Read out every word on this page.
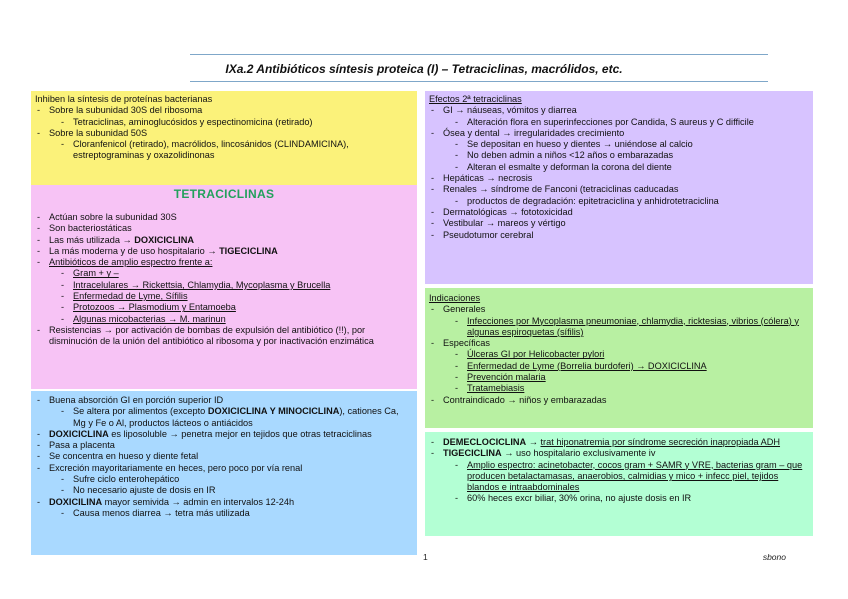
IXa.2 Antibióticos síntesis proteica (I) – Tetraciclinas, macrólidos, etc.
Inhiben la síntesis de proteínas bacterianas
- Sobre la subunidad 30S del ribosoma
- Tetraciclinas, aminoglucósidos y espectinomicina (retirado)
- Sobre la subunidad 50S
- Cloranfenicol (retirado), macrólidos, lincosánidos (CLINDAMICINA), estreptograminas y oxazolidinonas
TETRACICLINAS
- Actúan sobre la subunidad 30S
- Son bacteriostáticas
- Las más utilizada → DOXICICLINA
- La más moderna y de uso hospitalario → TIGECICLINA
- Antibióticos de amplio espectro frente a:
- Gram + y –
- Intracelulares → Rickettsia, Chlamydia, Mycoplasma y Brucella
- Enfermedad de Lyme, Sífilis
- Protozoos → Plasmodium y Entamoeba
- Algunas micobacterias → M. marinun
- Resistencias → por activación de bombas de expulsión del antibiótico (!!), por disminución de la unión del antibiótico al ribosoma y por inactivación enzimática
- Buena absorción GI en porción superior ID
- Se altera por alimentos (excepto DOXICICLINA Y MINOCICLINA), cationes Ca, Mg y Fe o Al, productos lácteos o antiácidos
- DOXICICLINA es liposoluble → penetra mejor en tejidos que otras tetraciclinas
- Pasa a placenta
- Se concentra en hueso y diente fetal
- Excreción mayoritariamente en heces, pero poco por vía renal
- Sufre ciclo enterohepático
- No necesario ajuste de dosis en IR
- DOXICILINA mayor semivida → admin en intervalos 12-24h
- Causa menos diarrea → tetra más utilizada
Efectos 2ª tetraciclinas
- GI → náuseas, vómitos y diarrea
- Alteración flora en superinfecciones por Candida, S aureus y C difficile
- Ósea y dental → irregularidades crecimiento
- Se depositan en hueso y dientes → uniéndose al calcio
- No deben admin a niños <12 años o embarazadas
- Alteran el esmalte y deforman la corona del diente
- Hepáticas → necrosis
- Renales → síndrome de Fanconi (tetraciclinas caducadas
- productos de degradación: epitetraciclina y anhidrotetraciclina
- Dermatológicas → fototoxicidad
- Vestibular → mareos y vértigo
- Pseudotumor cerebral
Indicaciones
- Generales
- Infecciones por Mycoplasma pneumoniae, chlamydia, ricktesias, vibrios (cólera) y algunas espiroquetas (sífilis)
- Específicas
- Úlceras GI por Helicobacter pylori
- Enfermedad de Lyme (Borrelia burdoferi) → DOXICICLINA
- Prevención malaria
- Tratamebiasis
- Contraindicado → niños y embarazadas
- DEMECLOCICLINA → trat hiponatremia por síndrome secreción inapropiada ADH
- TIGECICLINA → uso hospitalario exclusivamente iv
- Amplio espectro: acinetobacter, cocos gram + SAMR y VRE, bacterias gram – que producen betalactamasas, anaerobios, calmidias y mico + infecc piel, tejidos blandos e intraabdominales
- 60% heces excr biliar, 30% orina, no ajuste dosis en IR
1	sbono
